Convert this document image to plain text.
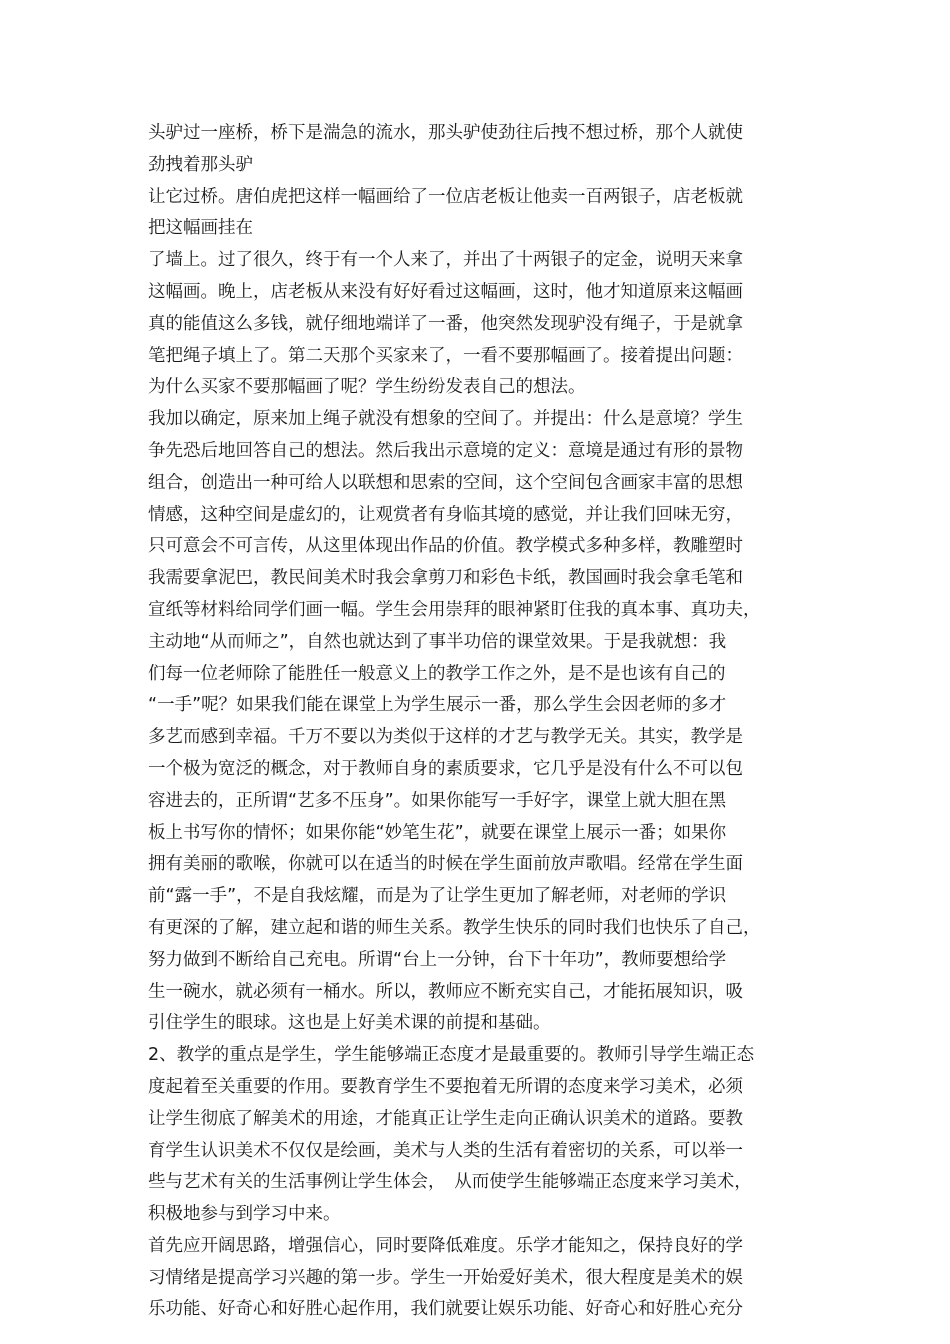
头驴过一座桥，桥下是湍急的流水，那头驴使劲往后拽不想过桥，那个人就使
劲拽着那头驴
让它过桥。唐伯虎把这样一幅画给了一位店老板让他卖一百两银子，店老板就
把这幅画挂在
了墙上。过了很久，终于有一个人来了，并出了十两银子的定金，说明天来拿
这幅画。晚上，店老板从来没有好好看过这幅画，这时，他才知道原来这幅画
真的能值这么多钱，就仔细地端详了一番，他突然发现驴没有绳子，于是就拿
笔把绳子填上了。第二天那个买家来了，一看不要那幅画了。接着提出问题：
为什么买家不要那幅画了呢？学生纷纷发表自己的想法。
我加以确定，原来加上绳子就没有想象的空间了。并提出：什么是意境？学生
争先恐后地回答自己的想法。然后我出示意境的定义：意境是通过有形的景物
组合，创造出一种可给人以联想和思索的空间，这个空间包含画家丰富的思想
情感，这种空间是虚幻的，让观赏者有身临其境的感觉，并让我们回味无穷，
只可意会不可言传，从这里体现出作品的价值。教学模式多种多样，教雕塑时
我需要拿泥巴，教民间美术时我会拿剪刀和彩色卡纸，教国画时我会拿毛笔和
宣纸等材料给同学们画一幅。学生会用崇拜的眼神紧盯住我的真本事、真功夫，
主动地“从而师之”，自然也就达到了事半功倍的课堂效果。于是我就想：我
们每一位老师除了能胜任一般意义上的教学工作之外，是不是也该有自己的
“一手”呢？如果我们能在课堂上为学生展示一番，那么学生会因老师的多才
多艺而感到幸福。千万不要以为类似于这样的才艺与教学无关。其实，教学是
一个极为宽泛的概念，对于教师自身的素质要求，它几乎是没有什么不可以包
容进去的，正所谓“艺多不压身”。如果你能写一手好字，课堂上就大胆在黑
板上书写你的情怀；如果你能“妙笔生花”，就要在课堂上展示一番；如果你
拥有美丽的歌喉，你就可以在适当的时候在学生面前放声歌唱。经常在学生面
前“露一手”，不是自我炫耀，而是为了让学生更加了解老师，对老师的学识
有更深的了解，建立起和谐的师生关系。教学生快乐的同时我们也快乐了自己，
努力做到不断给自己充电。所谓“台上一分钟，台下十年功”，教师要想给学
生一碗水，就必须有一桶水。所以，教师应不断充实自己，才能拓展知识，吸
引住学生的眼球。这也是上好美术课的前提和基础。
2、教学的重点是学生，学生能够端正态度才是最重要的。教师引导学生端正态
度起着至关重要的作用。要教育学生不要抱着无所谓的态度来学习美术，必须
让学生彻底了解美术的用途，才能真正让学生走向正确认识美术的道路。要教
育学生认识美术不仅仅是绘画，美术与人类的生活有着密切的关系，可以举一
些与艺术有关的生活事例让学生体会，　从而使学生能够端正态度来学习美术，
积极地参与到学习中来。
首先应开阔思路，增强信心，同时要降低难度。乐学才能知之，保持良好的学
习情绪是提高学习兴趣的第一步。学生一开始爱好美术，很大程度是美术的娱
乐功能、好奇心和好胜心起作用，我们就要让娱乐功能、好奇心和好胜心充分
